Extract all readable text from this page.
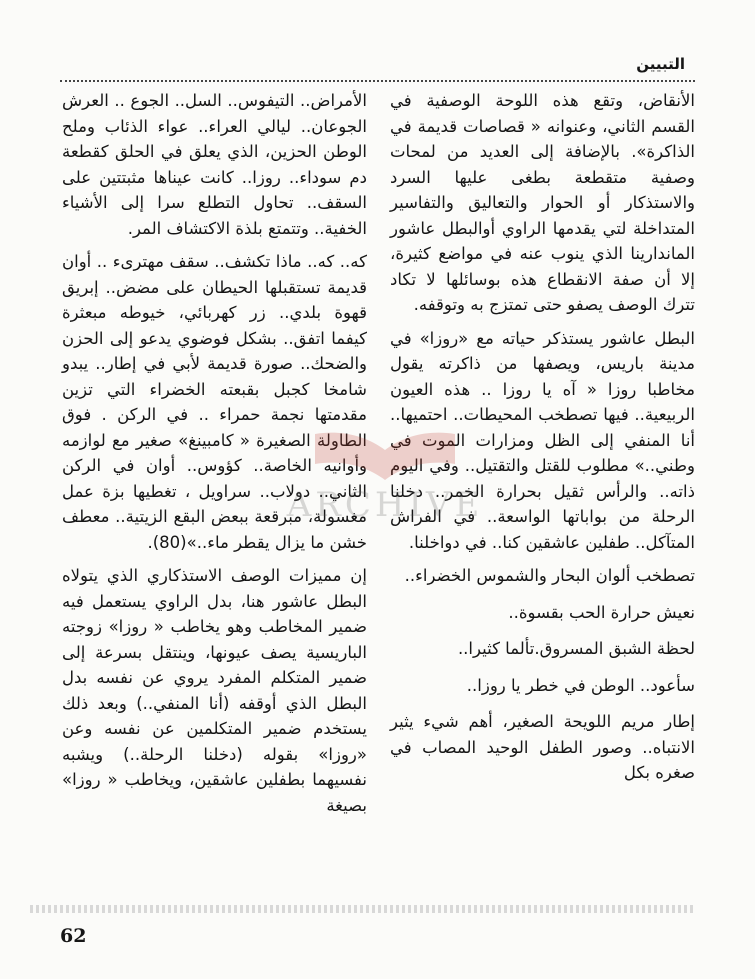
التبيين

الأنقاض، وتقع هذه اللوحة الوصفية في القسم الثاني، وعنوانه « قصاصات قديمة في الذاكرة». بالإضافة إلى العديد من لمحات وصفية متقطعة بطغى عليها السرد والاستذكار أو الحوار والتعاليق والتفاسير المتداخلة لتي يقدمها الراوي أوالبطل عاشور الماندارينا الذي ينوب عنه في مواضع كثيرة، إلا أن صفة الانقطاع هذه بوسائلها لا تكاد تترك الوصف يصفو حتى تمتزج به وتوقفه.

البطل عاشور يستذكر حياته مع «روزا» في مدينة باريس، ويصفها من ذاكرته يقول مخاطبا روزا « آه يا روزا .. هذه العيون الربيعية.. فيها تصطخب المحيطات.. احتميها.. أنا المنفي إلى الظل ومزارات الموت في وطني..» مطلوب للقتل والتقتيل.. وفي اليوم ذاته.. والرأس ثقيل بحرارة الخمر.. دخلنا الرحلة من بواباتها الواسعة.. في الفراش المتآكل.. طفلين عاشقين كنا.. في دواخلنا.

تصطخب ألوان البحار والشموس الخضراء..

نعيش حرارة الحب بقسوة..

لحظة الشبق المسروق.تألما كثيرا..

سأعود.. الوطن في خطر يا روزا..

إطار مريم اللويحة الصغير، أهم شيء يثير الانتباه.. وصور الطفل الوحيد المصاب في صغره بكل

الأمراض.. التيفوس.. السل.. الجوع .. العرش الجوعان.. ليالي العراء.. عواء الذئاب وملح الوطن الحزين، الذي يعلق في الحلق كقطعة دم سوداء.. روزا.. كانت عيناها مثبتتين على السقف.. تحاول التطلع سرا إلى الأشياء الخفية.. وتتمتع بلذة الاكتشاف المر.

كه.. كه.. ماذا تكشف.. سقف مهترىء .. أوان قديمة تستقبلها الحيطان على مضض.. إبريق قهوة بلدي.. زر كهربائي، خيوطه مبعثرة كيفما اتفق.. بشكل فوضوي يدعو إلى الحزن والضحك.. صورة قديمة لأبي في إطار.. يبدو شامخا كجبل بقبعته الخضراء التي تزين مقدمتها نجمة حمراء .. في الركن . فوق الطاولة الصغيرة « كامبينغ» صغير مع لوازمه وأوانيه الخاصة.. كؤوس.. أوان في الركن الثاني.. دولاب.. سراويل ، تغطيها بزة عمل مغسولة، مبرقعة ببعض البقع الزيتية.. معطف خشن ما يزال يقطر ماء..»(80).

إن مميزات الوصف الاستذكاري الذي يتولاه البطل عاشور هنا، بدل الراوي يستعمل فيه ضمير المخاطب وهو يخاطب « روزا» زوجته الباريسية يصف عيونها، وينتقل بسرعة إلى ضمير المتكلم المفرد يروي عن نفسه بدل البطل الذي أوقفه (أنا المنفي..) وبعد ذلك يستخدم ضمير المتكلمين عن نفسه وعن «روزا» بقوله (دخلنا الرحلة..) ويشبه نفسيهما بطفلين عاشقين، ويخاطب « روزا» بصيغة

ARCHIVE
62
